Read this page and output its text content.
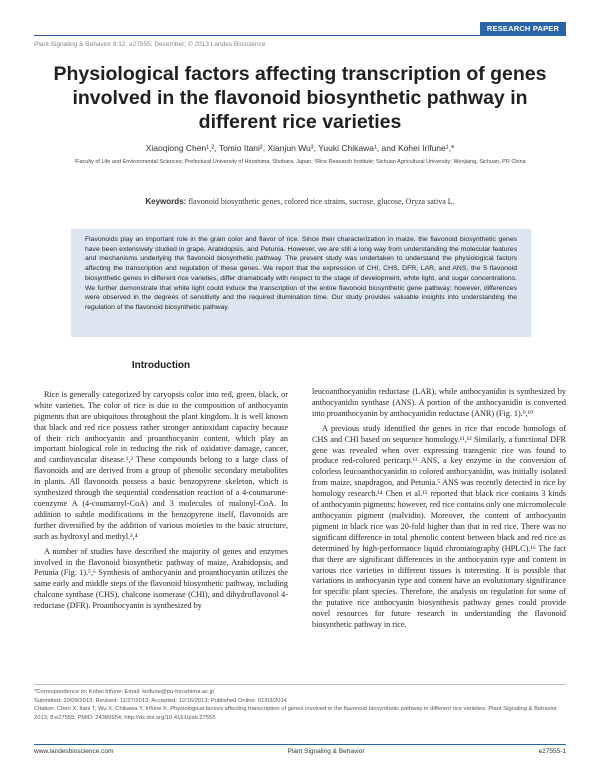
RESEARCH PAPER
Plant Signaling & Behavior 8:12, e27555; December; © 2013 Landes Bioscience
Physiological factors affecting transcription of genes involved in the flavonoid biosynthetic pathway in different rice varieties
Xiaoqiong Chen¹,², Tomio Itani², Xianjun Wu³, Yuuki Chikawa¹, and Kohei Irifune¹,*
¹Faculty of Life and Environmental Sciences; Prefectural University of Hiroshima; Shobara, Japan; ²Rice Research Institute; Sichuan Agricultural University; Wenjiang, Sichuan, PR China
Keywords: flavonoid biosynthetic genes, colored rice strains, sucrose, glucose, Oryza sativa L.
Flavonoids play an important role in the grain color and flavor of rice. Since their characterization in maize, the flavonoid biosynthetic genes have been extensively studied in grape, Arabidopsis, and Petunia. However, we are still a long way from understanding the molecular features and mechanisms underlying the flavonoid biosynthetic pathway. The present study was undertaken to understand the physiological factors affecting the transcription and regulation of these genes. We report that the expression of CHI, CHS, DFR, LAR, and ANS, the 5 flavonoid biosynthetic genes in different rice varieties, differ dramatically with respect to the stage of development, white light, and sugar concentrations. We further demonstrate that white light could induce the transcription of the entire flavonoid biosynthetic gene pathway; however, differences were observed in the degrees of sensitivity and the required illumination time. Our study provides valuable insights into understanding the regulation of the flavonoid biosynthetic pathway.
Introduction

Rice is generally categorized by caryopsis color into red, green, black, or white varieties. The color of rice is due to the composition of anthocyanin pigments that are ubiquitous throughout the plant kingdom. It is well known that black and red rice possess rather stronger antioxidant capacity because of their rich anthocyanin and proanthocyanin content, which play an important biological role in reducing the risk of oxidative damage, cancer, and cardiovascular disease.¹,² These compounds belong to a large class of flavonoids and are derived from a group of phenolic secondary metabolites in plants. All flavonoids possess a basic benzopyrene skeleton, which is synthesized through the sequential condensation reaction of a 4-coumarone-coenzyme A (4-coumaroyl-CoA) and 3 molecules of malonyl-CoA. In addition to subtle modifications in the benzopyrene itself, flavonoids are further diversified by the addition of various moieties to the basic structure, such as hydroxyl and methyl.³,⁴

A number of studies have described the majority of genes and enzymes involved in the flavonoid biosynthetic pathway of maize, Arabidopsis, and Petunia (Fig. 1).⁵,⁶ Synthesis of anthocyanin and proanthocyanin utilizes the same early and middle steps of the flavonoid biosynthetic pathway, including chalcone synthase (CHS), chalcone isomerase (CHI), and dihydroflavonol 4-reductase (DFR). Proanthocyanin is synthesized by

leucoanthocyanidin reductase (LAR), while anthocyanidin is synthesized by anthocyanidin synthase (ANS). A portion of the anthocyanidin is converted into proanthocyanin by anthocyanidin reductase (ANR) (Fig. 1).⁹,¹⁰

A previous study identified the genes in rice that encode homologs of CHS and CHI based on sequence homology.¹¹,¹² Similarly, a functional DFR gene was revealed when over expressing transgenic rice was found to produce red-colored pericarp.¹³ ANS, a key enzyme in the conversion of colorless leucoanthocyanidin to colored anthocyanidin, was initially isolated from maize, snapdragon, and Petunia.⁵ ANS was recently detected in rice by homology research.¹⁴ Chen et al.¹⁵ reported that black rice contains 3 kinds of anthocyanin pigments; however, red rice contains only one micromolecule anthocyanin pigment (malvidin). Moreover, the content of anthocyanin pigment in black rice was 20-fold higher than that in red rice. There was no significant difference in total phenolic content between black and red rice as determined by high-performance liquid chromatography (HPLC).¹⁶ The fact that there are significant differences in the anthocyanin type and content in various rice varieties in different tissues is interesting. It is possible that variations in anthocyanin type and content have an evolutionary significance for specific plant species. Therefore, the analysis on regulation for some of the putative rice anthocyanin biosynthesis pathway genes could provide novel resources for future research in understanding the flavonoid biosynthetic pathway in rice.

*Correspondence to: Kohei Irifune; Email: kirifune@pu-hiroshima.ac.jp
Submitted: 10/09/2013; Revised: 11/27/2013; Accepted: 12/16/2013; Published Online: 01/03/2014
Citation: Chen X, Itani T, Wu X, Chikawa Y, Irifune K. Physiological factors affecting transcription of genes involved in the flavonoid biosynthetic pathway in different rice varieties. Plant Signaling & Behavior 2013; 8:e27555; PMID: 24389954; http://dx.doi.org/10.4161/psb.27555
www.landesbioscience.com	Plant Signaling & Behavior	e27555-1
